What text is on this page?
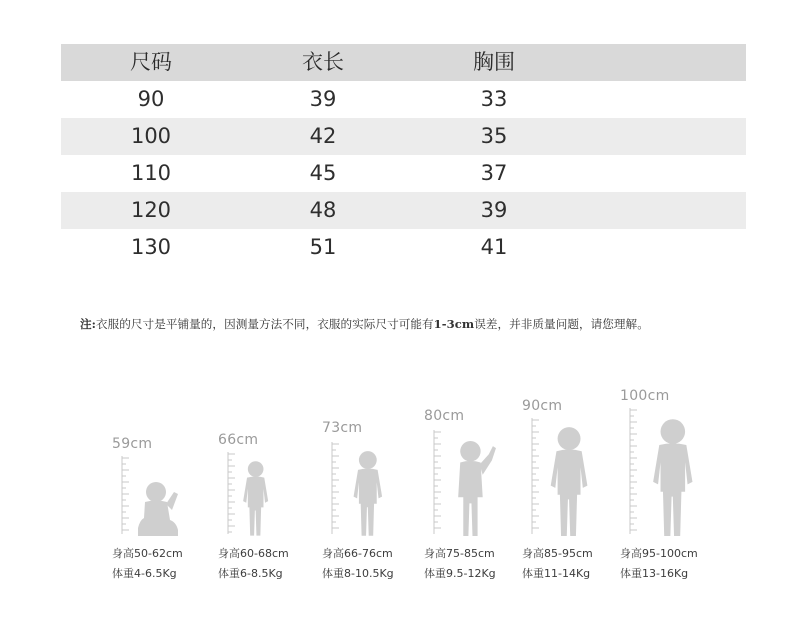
尺码	衣长	胸围
90	39	33
100	42	35
110	45	37
120	48	39
130	51	41
注:衣服的尺寸是平铺量的，因测量方法不同，衣服的实际尺寸可能有1-3cm误差，并非质量问题，请您理解。
59cm
身高50-62cm
体重4-6.5Kg
66cm
身高60-68cm
体重6-8.5Kg
73cm
身高66-76cm
体重8-10.5Kg
80cm
身高75-85cm
体重9.5-12Kg
90cm
身高85-95cm
体重11-14Kg
100cm
身高95-100cm
体重13-16Kg
